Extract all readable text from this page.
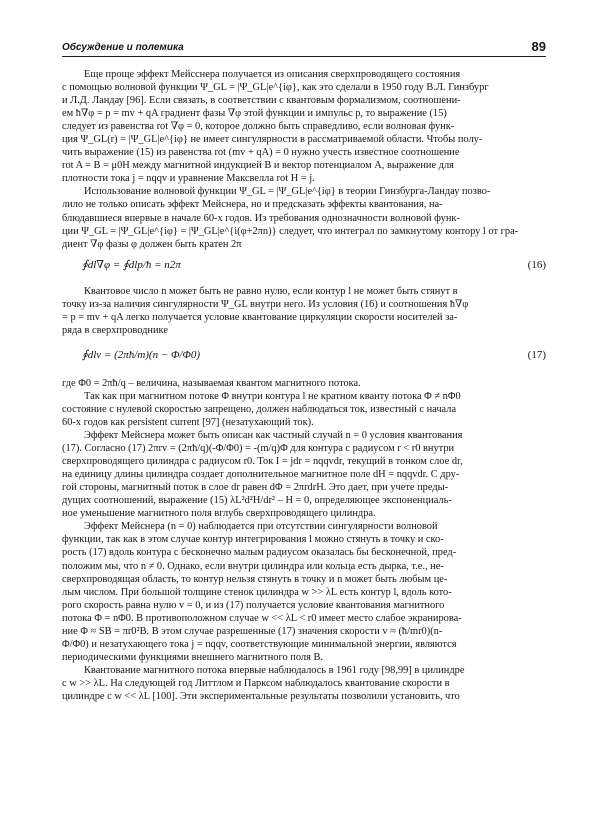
Обсуждение и полемика	89
Еще проще эффект Мейсснера получается из описания сверхпроводящего состояния
с помощью волновой функции Ψ_GL = |Ψ_GL|e^{iφ}, как это сделали в 1950 году В.Л. Гинзбург
и Л.Д. Ландау [96]. Если связать, в соответствии с квантовым формализмом, соотношени-
ем ħ∇φ = p = mv + qA градиент фазы ∇φ этой функции и импульс p, то выражение (15)
следует из равенства rot ∇φ = 0, которое должно быть справедливо, если волновая функ-
ция Ψ_GL(r) = |Ψ_GL|e^{iφ} не имеет сингулярности в рассматриваемой области. Чтобы полу-
чить выражение (15) из равенства rot (mv + qA) = 0 нужно учесть известное соотношение
rot A = B = μ0H между магнитной индукцией B и вектор потенциалом A, выражение для
плотности тока j = nqqv и уравнение Максвелла rot H = j.
Использование волновой функции Ψ_GL = |Ψ_GL|e^{iφ} в теории Гинзбурга-Ландау позво-
лило не только описать эффект Мейснера, но и предсказать эффекты квантования, на-
блюдавшиеся впервые в начале 60-х годов. Из требования однозначности волновой функ-
ции Ψ_GL = |Ψ_GL|e^{iφ} = |Ψ_GL|e^{i(φ+2πn)} следует, что интеграл по замкнутому контору l от гра-
диент ∇φ фазы φ должен быть кратен 2π
∮dl∇φ = ∮dlp/ħ = n2π	(16)
Квантовое число n может быть не равно нулю, если контур l не может быть стянут в
точку из-за наличия сингулярности Ψ_GL внутри него. Из условия (16) и соотношения ħ∇φ
= p = mv + qA легко получается условие квантование циркуляции скорости носителей за-
ряда в сверхпроводнике
∮dlv = (2πħ/m)(n − Φ/Φ0)	(17)
где Φ0 = 2πħ/q – величина, называемая квантом магнитного потока.
Так как при магнитном потоке Φ внутри контура l не кратном кванту потока Φ ≠ nΦ0
состояние с нулевой скоростью запрещено, должен наблюдаться ток, известный с начала
60-х годов как persistent current [97] (незатухающий ток).
Эффект Мейснера может быть описан как частный случай n = 0 условия квантования
(17). Согласно (17) 2πrv = (2πħ/q)(-Φ/Φ0) = -(m/q)Φ для контура с радиусом r < r0 внутри
сверхпроводящего цилиндра с радиусом r0. Ток I = jdr = nqqvdr, текущий в тонком слое dr,
на единицу длины цилиндра создает дополнительное магнитное поле dH = nqqvdr. С дру-
гой стороны, магнитный поток в слое dr равен dΦ = 2πrdrH. Это дает, при учете преды-
дущих соотношений, выражение (15) λL²d²H/dr² – H = 0, определяющее экспоненциаль-
ное уменьшение магнитного поля вглубь сверхпроводящего цилиндра.
Эффект Мейснера (n = 0) наблюдается при отсутствии сингулярности волновой
функции, так как в этом случае контур интегрирования l можно стянуть в точку и ско-
рость (17) вдоль контура с бесконечно малым радиусом оказалась бы бесконечной, пред-
положим мы, что n ≠ 0. Однако, если внутри цилиндра или кольца есть дырка, т.е., не-
сверхпроводящая область, то контур нельзя стянуть в точку и n может быть любым це-
лым числом. При большой толщине стенок цилиндра w >> λL есть контур l, вдоль кото-
рого скорость равна нулю v = 0, и из (17) получается условие квантования магнитного
потока Φ = nΦ0. В противоположном случае w << λL < r0 имеет место слабое экранирова-
ние Φ ≈ SB = πr0²B. В этом случае разрешенные (17) значения скорости v ≈ (ħ/mr0)(n-
Φ/Φ0) и незатухающего тока j = nqqv, соответствующие минимальной энергии, являются
периодическими функциями внешнего магнитного поля B.
Квантование магнитного потока впервые наблюдалось в 1961 году [98,99] в цилиндре
с w >> λL. На следующей год Литтлом и Парксом наблюдалось квантование скорости в
цилиндре с w << λL [100]. Эти экспериментальные результаты позволили установить, что
